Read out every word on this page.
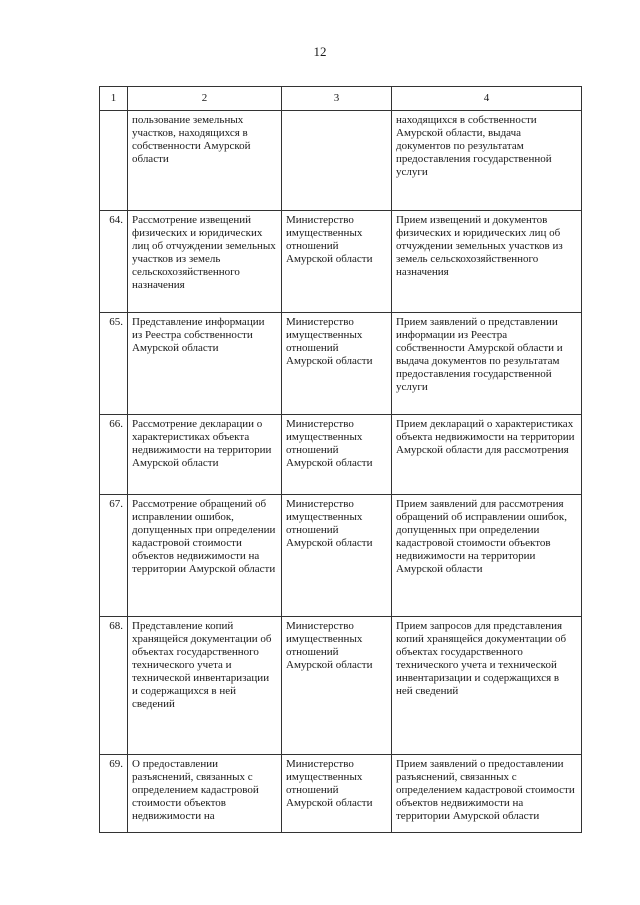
12
1	2	3	4
	пользование земельных участков, находящихся в собственности Амурской области		находящихся в собственности Амурской области, выдача документов по результатам предоставления государственной услуги
64.	Рассмотрение извещений физических и юридических лиц об отчуждении земельных участков из земель сельскохозяйственного назначения	Министерство имущественных отношений Амурской области	Прием извещений и документов физических и юридических лиц об отчуждении земельных участков из земель сельскохозяйственного назначения
65.	Представление информации из Реестра собственности Амурской области	Министерство имущественных отношений Амурской области	Прием заявлений о представлении информации из Реестра собственности Амурской области и выдача документов по результатам предоставления государственной услуги
66.	Рассмотрение декларации о характеристиках объекта недвижимости на территории Амурской области	Министерство имущественных отношений Амурской области	Прием деклараций о характеристиках объекта недвижимости на территории Амурской области для рассмотрения
67.	Рассмотрение обращений об исправлении ошибок, допущенных при определении кадастровой стоимости объектов недвижимости на территории Амурской области	Министерство имущественных отношений Амурской области	Прием заявлений для рассмотрения обращений об исправлении ошибок, допущенных при определении кадастровой стоимости объектов недвижимости на территории Амурской области
68.	Представление копий хранящейся документации об объектах государственного технического учета и технической инвентаризации и содержащихся в ней сведений	Министерство имущественных отношений Амурской области	Прием запросов для представления копий хранящейся документации об объектах государственного технического учета и технической инвентаризации и содержащихся в ней сведений
69.	О предоставлении разъяснений, связанных с определением кадастровой стоимости объектов недвижимости на	Министерство имущественных отношений Амурской области	Прием заявлений о предоставлении разъяснений, связанных с определением кадастровой стоимости объектов недвижимости на территории Амурской области
